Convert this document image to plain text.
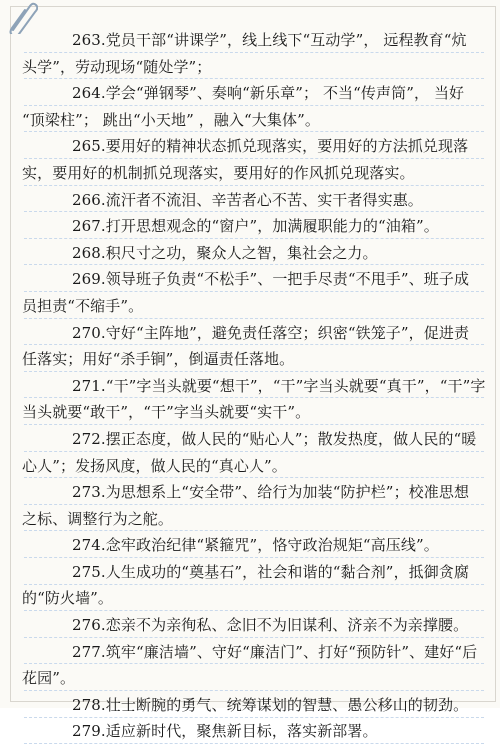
263.党员干部“讲课学”，线上线下“互动学”， 远程教育“炕

头学”，劳动现场“随处学”；

264.学会“弹钢琴”、奏响“新乐章”； 不当“传声筒”， 当好

“顶梁柱”； 跳出“小天地” ，融入“大集体”。

265.要用好的精神状态抓兑现落实，要用好的方法抓兑现落

实，要用好的机制抓兑现落实，要用好的作风抓兑现落实。

266.流汗者不流泪、辛苦者心不苦、实干者得实惠。

267.打开思想观念的“窗户”，加满履职能力的“油箱”。

268.积尺寸之功，聚众人之智，集社会之力。

269.领导班子负责“不松手”、一把手尽责“不甩手”、班子成

员担责“不缩手”。

270.守好“主阵地”，避免责任落空；织密“铁笼子”，促进责

任落实；用好“杀手锏”，倒逼责任落地。

271.“干”字当头就要“想干”，“干”字当头就要“真干”，“干”字

当头就要“敢干”，“干”字当头就要“实干”。

272.摆正态度，做人民的“贴心人”；散发热度，做人民的“暖

心人”；发扬风度，做人民的“真心人”。

273.为思想系上“安全带”、给行为加装“防护栏”；校准思想

之标、调整行为之舵。

274.念牢政治纪律“紧箍咒”，恪守政治规矩“高压线”。

275.人生成功的“奠基石”，社会和谐的“黏合剂”，抵御贪腐

的“防火墙”。

276.恋亲不为亲徇私、念旧不为旧谋利、济亲不为亲撑腰。

277.筑牢“廉洁墙”、守好“廉洁门”、打好“预防针”、建好“后

花园”。

278.壮士断腕的勇气、统筹谋划的智慧、愚公移山的韧劲。

279.适应新时代，聚焦新目标，落实新部署。
